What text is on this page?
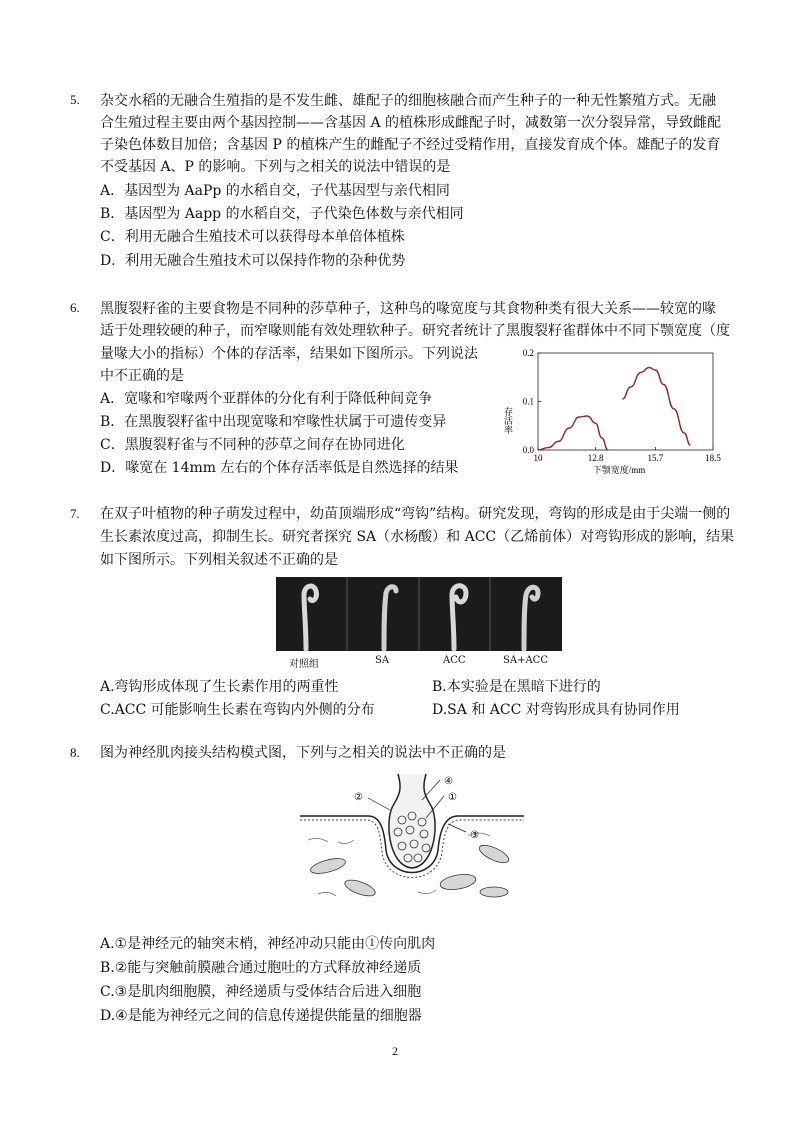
5. 杂交水稻的无融合生殖指的是不发生雌、雄配子的细胞核融合而产生种子的一种无性繁殖方式。无融
合生殖过程主要由两个基因控制——含基因 A 的植株形成雌配子时，减数第一次分裂异常，导致雌配
子染色体数目加倍；含基因 P 的植株产生的雌配子不经过受精作用，直接发育成个体。雄配子的发育
不受基因 A、P 的影响。下列与之相关的说法中错误的是
A．基因型为 AaPp 的水稻自交，子代基因型与亲代相同
B．基因型为 Aapp 的水稻自交，子代染色体数与亲代相同
C．利用无融合生殖技术可以获得母本单倍体植株
D．利用无融合生殖技术可以保持作物的杂种优势
6. 黑腹裂籽雀的主要食物是不同种的莎草种子，这种鸟的喙宽度与其食物种类有很大关系——较宽的喙
适于处理较硬的种子，而窄喙则能有效处理软种子。研究者统计了黑腹裂籽雀群体中不同下颚宽度（度
量喙大小的指标）个体的存活率，结果如下图所示。下列说法
中不正确的是
A．宽喙和窄喙两个亚群体的分化有利于降低种间竞争
B．在黑腹裂籽雀中出现宽喙和窄喙性状属于可遗传变异
C．黑腹裂籽雀与不同种的莎草之间存在协同进化
D．喙宽在 14mm 左右的个体存活率低是自然选择的结果
10	12.8	15.7	18.5
0.0
0.1
0.2
存活率
下颚宽度/mm
7. 在双子叶植物的种子萌发过程中，幼苗顶端形成“弯钩”结构。研究发现，弯钩的形成是由于尖端一侧的
生长素浓度过高，抑制生长。研究者探究 SA（水杨酸）和 ACC（乙烯前体）对弯钩形成的影响，结果
如下图所示。下列相关叙述不正确的是
对照组	SA	ACC	SA+ACC
A.弯钩形成体现了生长素作用的两重性	B.本实验是在黑暗下进行的
C.ACC 可能影响生长素在弯钩内外侧的分布	D.SA 和 ACC 对弯钩形成具有协同作用
8. 图为神经肌肉接头结构模式图，下列与之相关的说法中不正确的是
④
①
②
③
A.①是神经元的轴突末梢，神经冲动只能由①传向肌肉
B.②能与突触前膜融合通过胞吐的方式释放神经递质
C.③是肌肉细胞膜，神经递质与受体结合后进入细胞
D.④是能为神经元之间的信息传递提供能量的细胞器
2
